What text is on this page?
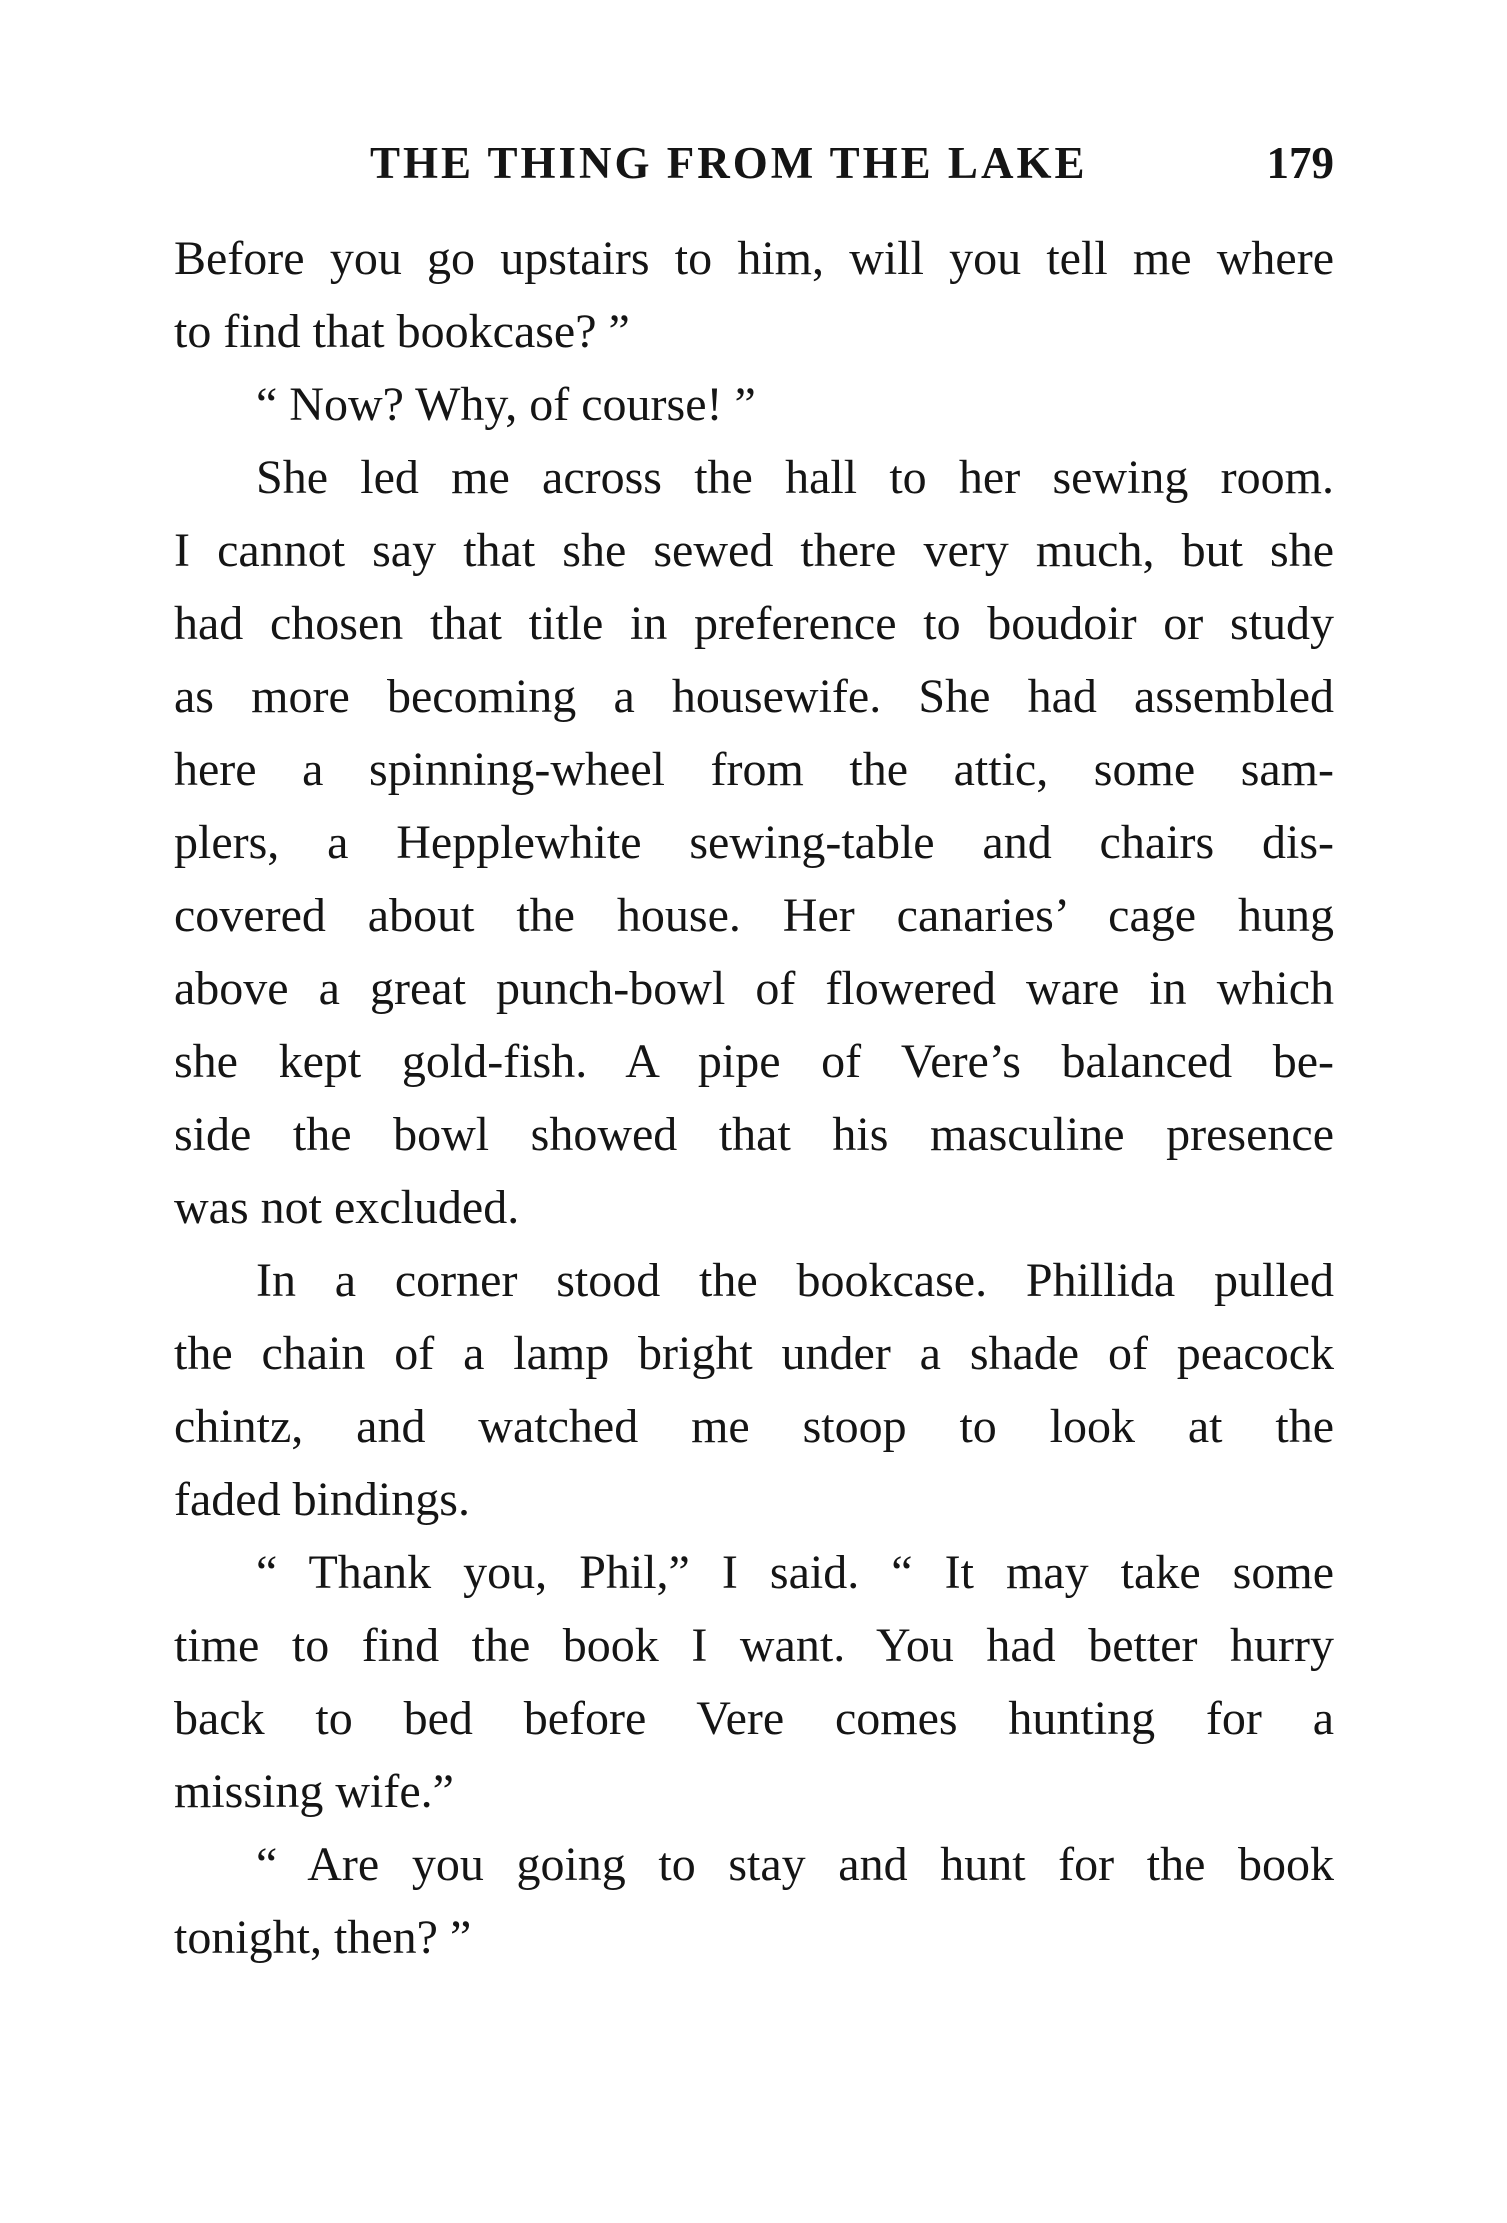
THE THING FROM THE LAKE	179
Before you go upstairs to him, will you tell me where
to find that bookcase? ”
“ Now? Why, of course! ”
She led me across the hall to her sewing room.
I cannot say that she sewed there very much, but she
had chosen that title in preference to boudoir or study
as more becoming a housewife. She had assembled
here a spinning-wheel from the attic, some sam-
plers, a Hepplewhite sewing-table and chairs dis-
covered about the house. Her canaries’ cage hung
above a great punch-bowl of flowered ware in which
she kept gold-fish. A pipe of Vere’s balanced be-
side the bowl showed that his masculine presence
was not excluded.
In a corner stood the bookcase. Phillida pulled
the chain of a lamp bright under a shade of peacock
chintz, and watched me stoop to look at the
faded bindings.
“ Thank you, Phil,” I said. “ It may take some
time to find the book I want. You had better hurry
back to bed before Vere comes hunting for a
missing wife.”
“ Are you going to stay and hunt for the book
tonight, then? ”
